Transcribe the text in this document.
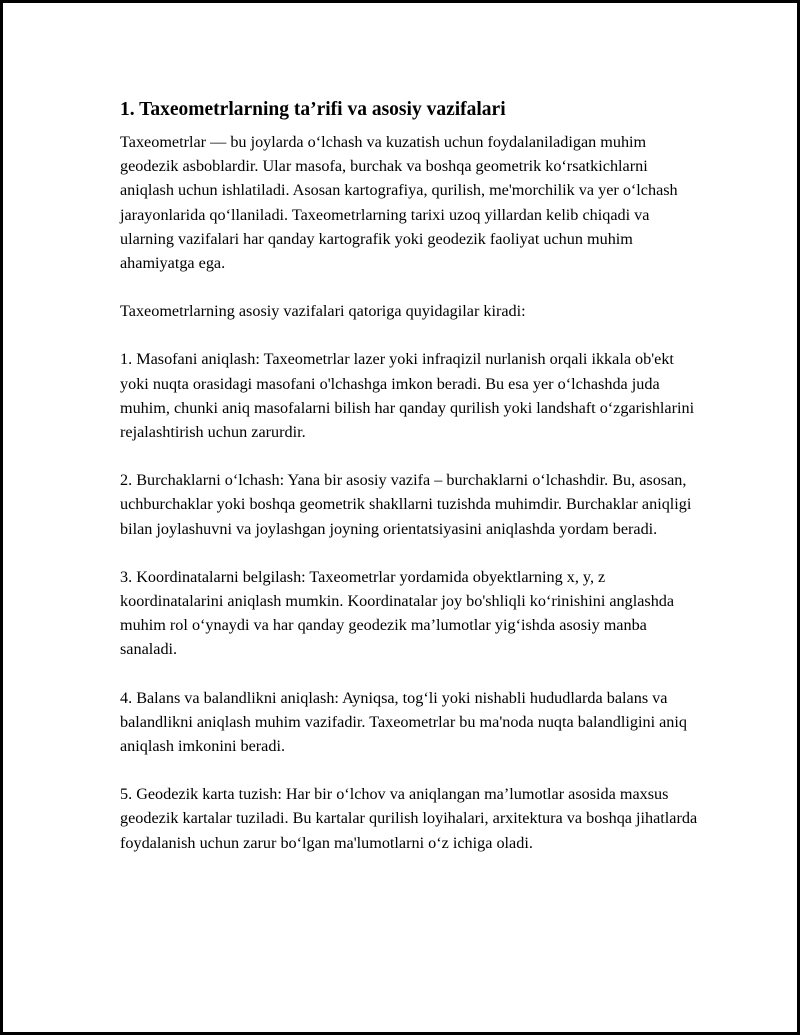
1. Taxeometrlarning ta’rifi va asosiy vazifalari

Taxeometrlar — bu joylarda o‘lchash va kuzatish uchun foydalaniladigan muhim geodezik asboblardir. Ular masofa, burchak va boshqa geometrik ko‘rsatkichlarni aniqlash uchun ishlatiladi. Asosan kartografiya, qurilish, me'morchilik va yer o‘lchash jarayonlarida qo‘llaniladi. Taxeometrlarning tarixi uzoq yillardan kelib chiqadi va ularning vazifalari har qanday kartografik yoki geodezik faoliyat uchun muhim ahamiyatga ega.

Taxeometrlarning asosiy vazifalari qatoriga quyidagilar kiradi:

1. Masofani aniqlash: Taxeometrlar lazer yoki infraqizil nurlanish orqali ikkala ob'ekt yoki nuqta orasidagi masofani o'lchashga imkon beradi. Bu esa yer o‘lchashda juda muhim, chunki aniq masofalarni bilish har qanday qurilish yoki landshaft o‘zgarishlarini rejalashtirish uchun zarurdir.

2. Burchaklarni o‘lchash: Yana bir asosiy vazifa – burchaklarni o‘lchashdir. Bu, asosan, uchburchaklar yoki boshqa geometrik shakllarni tuzishda muhimdir. Burchaklar aniqligi bilan joylashuvni va joylashgan joyning orientatsiyasini aniqlashda yordam beradi.

3. Koordinatalarni belgilash: Taxeometrlar yordamida obyektlarning x, y, z koordinatalarini aniqlash mumkin. Koordinatalar joy bo'shliqli ko‘rinishini anglashda muhim rol o‘ynaydi va har qanday geodezik ma’lumotlar yig‘ishda asosiy manba sanaladi.

4. Balans va balandlikni aniqlash: Ayniqsa, tog‘li yoki nishabli hududlarda balans va balandlikni aniqlash muhim vazifadir. Taxeometrlar bu ma'noda nuqta balandligini aniq aniqlash imkonini beradi.

5. Geodezik karta tuzish: Har bir o‘lchov va aniqlangan ma’lumotlar asosida maxsus geodezik kartalar tuziladi. Bu kartalar qurilish loyihalari, arxitektura va boshqa jihatlarda foydalanish uchun zarur bo‘lgan ma'lumotlarni o‘z ichiga oladi.
